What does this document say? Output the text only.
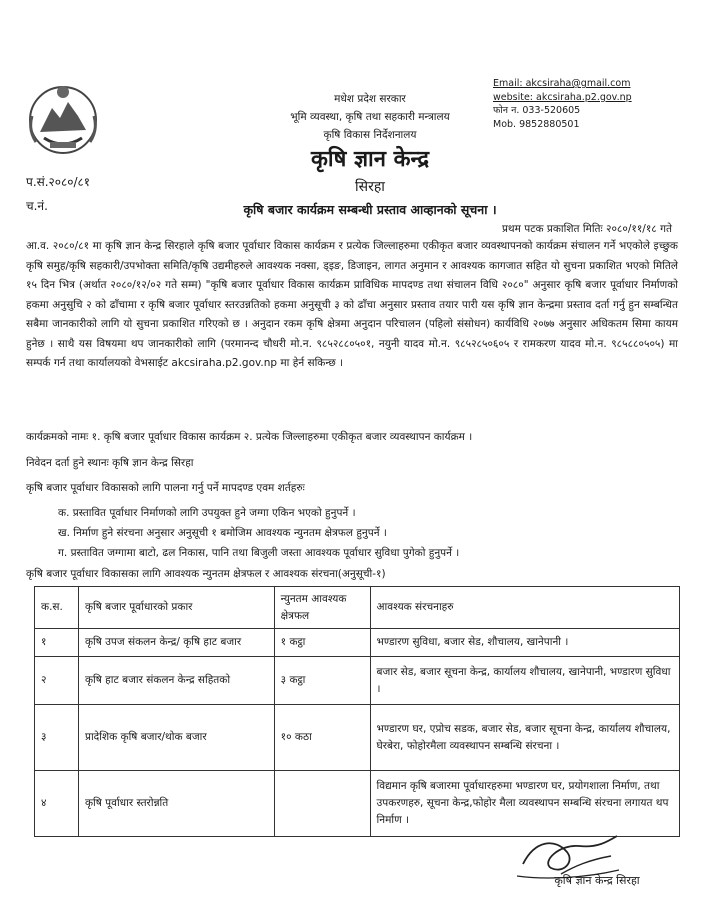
मधेश प्रदेश सरकार
भूमि व्यवस्था, कृषि तथा सहकारी मन्त्रालय
कृषि विकास निर्देशनालय
Email: akcsiraha@gmail.com
website: akcsiraha.p2.gov.np
फोन न. 033-520605
Mob. 9852880501
कृषि ज्ञान केन्द्र
सिरहा
प.सं.२०८०/८१
च.नं.	कृषि बजार कार्यक्रम सम्बन्धी प्रस्ताव आव्हानको सूचना ।
प्रथम पटक प्रकाशित मितिः २०८०/११/१८ गते
आ.व. २०८०/८१ मा कृषि ज्ञान केन्द्र सिरहाले कृषि बजार पूर्वाधार विकास कार्यक्रम र प्रत्येक जिल्लाहरुमा एकीकृत बजार व्यवस्थापनको कार्यक्रम संचालन गर्ने भएकोले इच्छुक कृषि समुह/कृषि सहकारी/उपभोक्ता समिति/कृषि उद्यमीहरुले आवश्यक नक्सा, ड्इङ, डिजाइन, लागत अनुमान र आवश्यक कागजात सहित यो सुचना प्रकाशित भएको मितिले १५ दिन भित्र (अर्थात २०८०/१२/०२ गते सम्म) "कृषि बजार पूर्वाधार विकास कार्यक्रम प्राविधिक मापदण्ड तथा संचालन विधि २०८०" अनुसार कृषि बजार पूर्वाधार निर्माणको हकमा अनुसुचि २ को ढाँचामा र कृषि बजार पूर्वाधार स्तरउन्नतिको हकमा अनुसूची ३ को ढाँचा अनुसार प्रस्ताव तयार पारी यस कृषि ज्ञान केन्द्रमा प्रस्ताव दर्ता गर्नु हुन सम्बन्धित सबैमा जानकारीको लागि यो सुचना प्रकाशित गरिएको छ । अनुदान रकम कृषि क्षेत्रमा अनुदान परिचालन (पहिलो संसोधन) कार्यविधि २०७७ अनुसार अधिकतम सिमा कायम हुनेछ । साथै यस विषयमा थप जानकारीको लागि (परमानन्द चौधरी मो.न. ९८५२८८०५०१, नयुनी यादव मो.न. ९८५२८५०६०५ र रामकरण यादव मो.न. ९८५८८०५०५) मा सम्पर्क गर्न तथा कार्यालयको वेभसाईट akcsiraha.p2.gov.np मा हेर्न सकिन्छ ।
कार्यक्रमको नामः १. कृषि बजार पूर्वाधार विकास कार्यक्रम २. प्रत्येक जिल्लाहरुमा एकीकृत बजार व्यवस्थापन कार्यक्रम ।
निवेदन दर्ता हुने स्थानः कृषि ज्ञान केन्द्र सिरहा
कृषि बजार पूर्वाधार विकासको लागि पालना गर्नु पर्ने मापदण्ड एवम शर्तहरुः
क. प्रस्तावित पूर्वाधार निर्माणको लागि उपयुक्त हुने जग्गा एकिन भएको हुनुपर्ने ।
ख. निर्माण हुने संरचना अनुसार अनुसूची १ बमोजिम आवश्यक न्युनतम क्षेत्रफल हुनुपर्ने ।
ग. प्रस्तावित जग्गामा बाटो, ढल निकास, पानि तथा बिजुली जस्ता आवश्यक पूर्वाधार सुविधा पुगेको हुनुपर्ने ।
कृषि बजार पूर्वाधार विकासका लागि आवश्यक न्युनतम क्षेत्रफल र आवश्यक संरचना(अनुसूची-१)
क.स.	कृषि बजार पूर्वाधारको प्रकार	न्युनतम आवश्यक क्षेत्रफल	आवश्यक संरचनाहरु
१	कृषि उपज संकलन केन्द्र/ कृषि हाट बजार	१ कट्ठा	भण्डारण सुविधा, बजार सेड, शौचालय, खानेपानी ।
२	कृषि हाट बजार संकलन केन्द्र सहितको	३ कट्ठा	बजार सेड, बजार सूचना केन्द्र, कार्यालय शौचालय, खानेपानी, भण्डारण सुविधा ।
३	प्रादेशिक कृषि बजार/थोक बजार	१० कठा	भण्डारण घर, एप्रोच सडक, बजार सेड, बजार सूचना केन्द्र, कार्यालय शौचालय, घेरबेरा, फोहोरमैला व्यवस्थापन सम्बन्धि संरचना ।
४	कृषि पूर्वाधार स्तरोन्नति		विद्यमान कृषि बजारमा पूर्वाधारहरुमा भण्डारण घर, प्रयोगशाला निर्माण, तथा उपकरणहरु, सूचना केन्द्र,फोहोर मैला व्यवस्थापन सम्बन्धि संरचना लगायत थप निर्माण ।
कृषि ज्ञान केन्द्र सिरहा
